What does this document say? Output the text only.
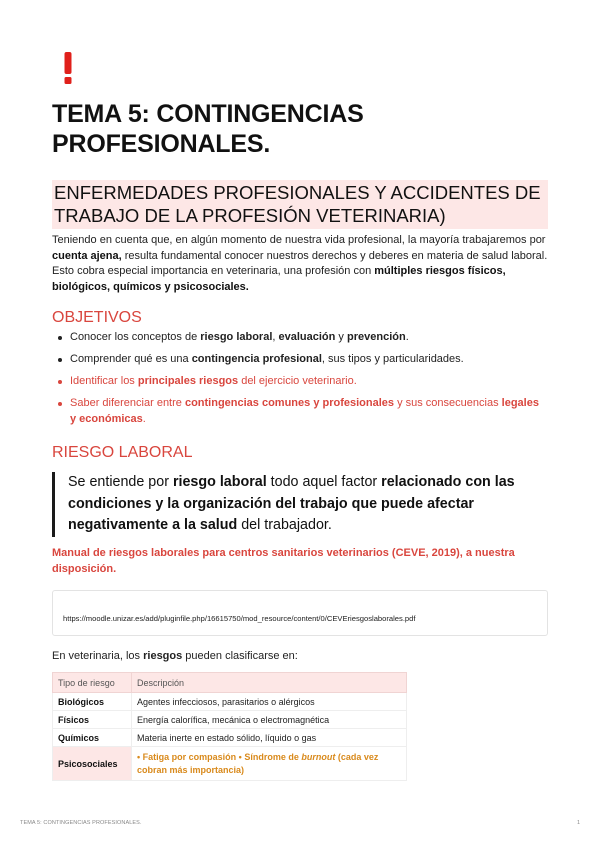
TEMA 5: CONTINGENCIAS PROFESIONALES.
ENFERMEDADES PROFESIONALES Y ACCIDENTES DE TRABAJO DE LA PROFESIÓN VETERINARIA)
Teniendo en cuenta que, en algún momento de nuestra vida profesional, la mayoría trabajaremos por cuenta ajena, resulta fundamental conocer nuestros derechos y deberes en materia de salud laboral. Esto cobra especial importancia en veterinaria, una profesión con múltiples riesgos físicos, biológicos, químicos y psicosociales.
OBJETIVOS
Conocer los conceptos de riesgo laboral, evaluación y prevención.
Comprender qué es una contingencia profesional, sus tipos y particularidades.
Identificar los principales riesgos del ejercicio veterinario.
Saber diferenciar entre contingencias comunes y profesionales y sus consecuencias legales y económicas.
RIESGO LABORAL
Se entiende por riesgo laboral todo aquel factor relacionado con las condiciones y la organización del trabajo que puede afectar negativamente a la salud del trabajador.
Manual de riesgos laborales para centros sanitarios veterinarios (CEVE, 2019), a nuestra disposición.
https://moodle.unizar.es/add/pluginfile.php/16615750/mod_resource/content/0/CEVEriesgoslaborales.pdf
En veterinaria, los riesgos pueden clasificarse en:
Tipo de riesgo	Descripción
Biológicos	Agentes infecciosos, parasitarios o alérgicos
Físicos	Energía calorífica, mecánica o electromagnética
Químicos	Materia inerte en estado sólido, líquido o gas
Psicosociales	• Fatiga por compasión • Síndrome de burnout (cada vez cobran más importancia)
TEMA 5: CONTINGENCIAS PROFESIONALES.	1
